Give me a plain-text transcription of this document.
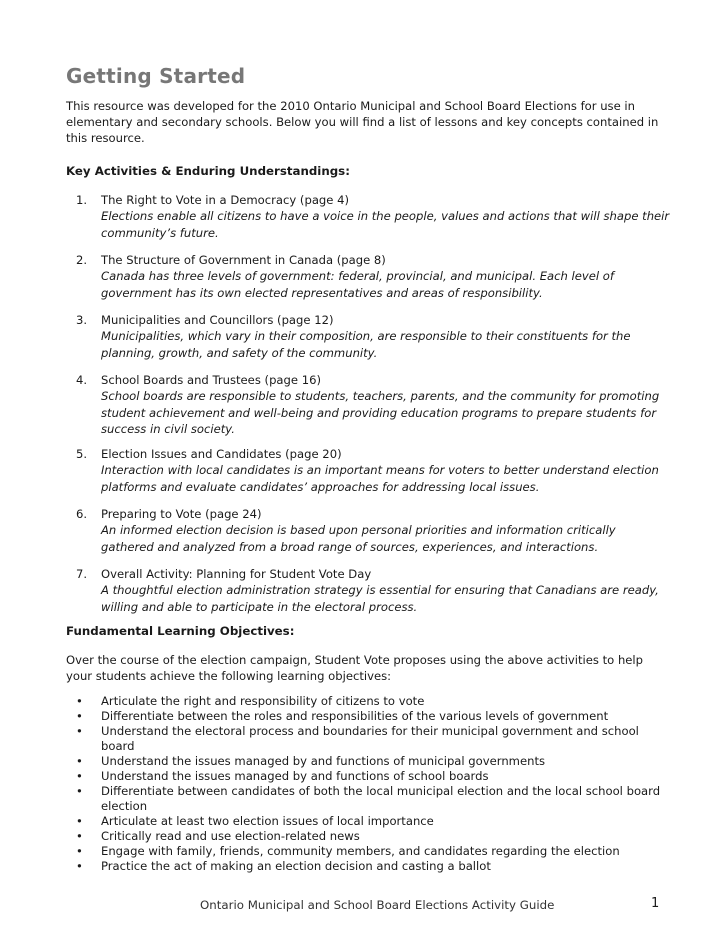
Getting Started
This resource was developed for the 2010 Ontario Municipal and School Board Elections for use in elementary and secondary schools. Below you will find a list of lessons and key concepts contained in this resource.
Key Activities & Enduring Understandings:
1.	The Right to Vote in a Democracy (page 4)
Elections enable all citizens to have a voice in the people, values and actions that will shape their community’s future.
2.	The Structure of Government in Canada (page 8)
Canada has three levels of government: federal, provincial, and municipal. Each level of government has its own elected representatives and areas of responsibility.
3.	Municipalities and Councillors (page 12)
Municipalities, which vary in their composition, are responsible to their constituents for the planning, growth, and safety of the community.
4.	School Boards and Trustees (page 16)
School boards are responsible to students, teachers, parents, and the community for promoting student achievement and well-being and providing education programs to prepare students for success in civil society.
5.	Election Issues and Candidates (page 20)
Interaction with local candidates is an important means for voters to better understand election platforms and evaluate candidates’ approaches for addressing local issues.
6.	Preparing to Vote (page 24)
An informed election decision is based upon personal priorities and information critically gathered and analyzed from a broad range of sources, experiences, and interactions.
7.	Overall Activity: Planning for Student Vote Day
A thoughtful election administration strategy is essential for ensuring that Canadians are ready, willing and able to participate in the electoral process.
Fundamental Learning Objectives:
Over the course of the election campaign, Student Vote proposes using the above activities to help your students achieve the following learning objectives:
• Articulate the right and responsibility of citizens to vote
• Differentiate between the roles and responsibilities of the various levels of government
• Understand the electoral process and boundaries for their municipal government and school board
• Understand the issues managed by and functions of municipal governments
• Understand the issues managed by and functions of school boards
• Differentiate between candidates of both the local municipal election and the local school board election
• Articulate at least two election issues of local importance
• Critically read and use election-related news
• Engage with family, friends, community members, and candidates regarding the election
• Practice the act of making an election decision and casting a ballot
Ontario Municipal and School Board Elections Activity Guide	1
